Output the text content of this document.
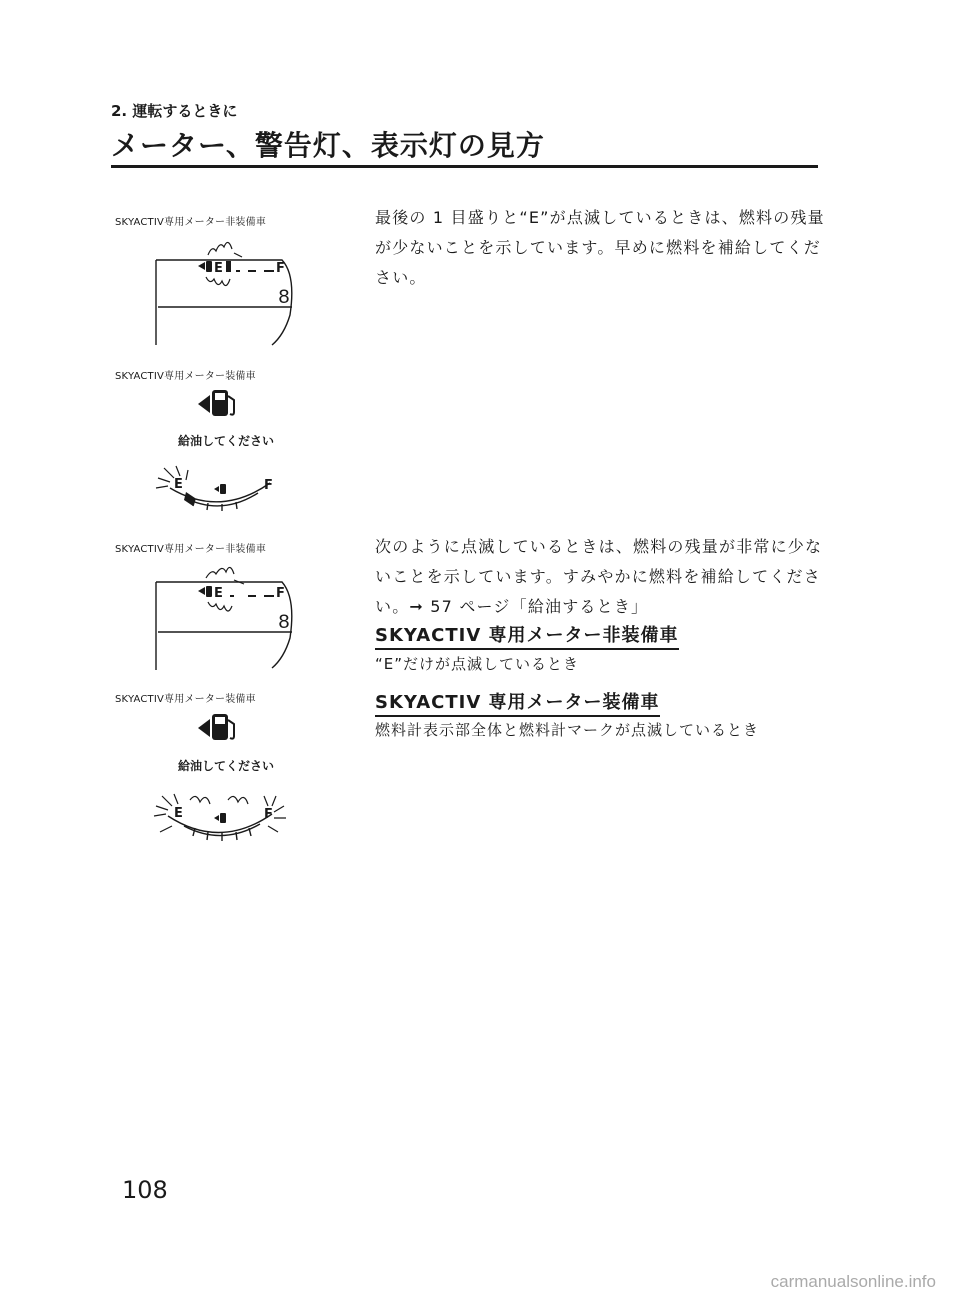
2. 運転するときに
メーター、警告灯、表示灯の見方
SKYACTIV専用メーター非装備車
E	F
8
最後の 1 目盛りと“E”が点滅しているときは、燃料の残量が少ないことを示しています。早めに燃料を補給してください。
SKYACTIV専用メーター装備車
給油してください
E	F
SKYACTIV専用メーター非装備車
E	F
8
次のように点滅しているときは、燃料の残量が非常に少ないことを示しています。すみやかに燃料を補給してください。➞ 57 ページ「給油するとき」
SKYACTIV 専用メーター非装備車
“E”だけが点滅しているとき
SKYACTIV専用メーター装備車	SKYACTIV 専用メーター装備車
燃料計表示部全体と燃料計マークが点滅しているとき
給油してください
E	F
108
carmanualsonline.info
